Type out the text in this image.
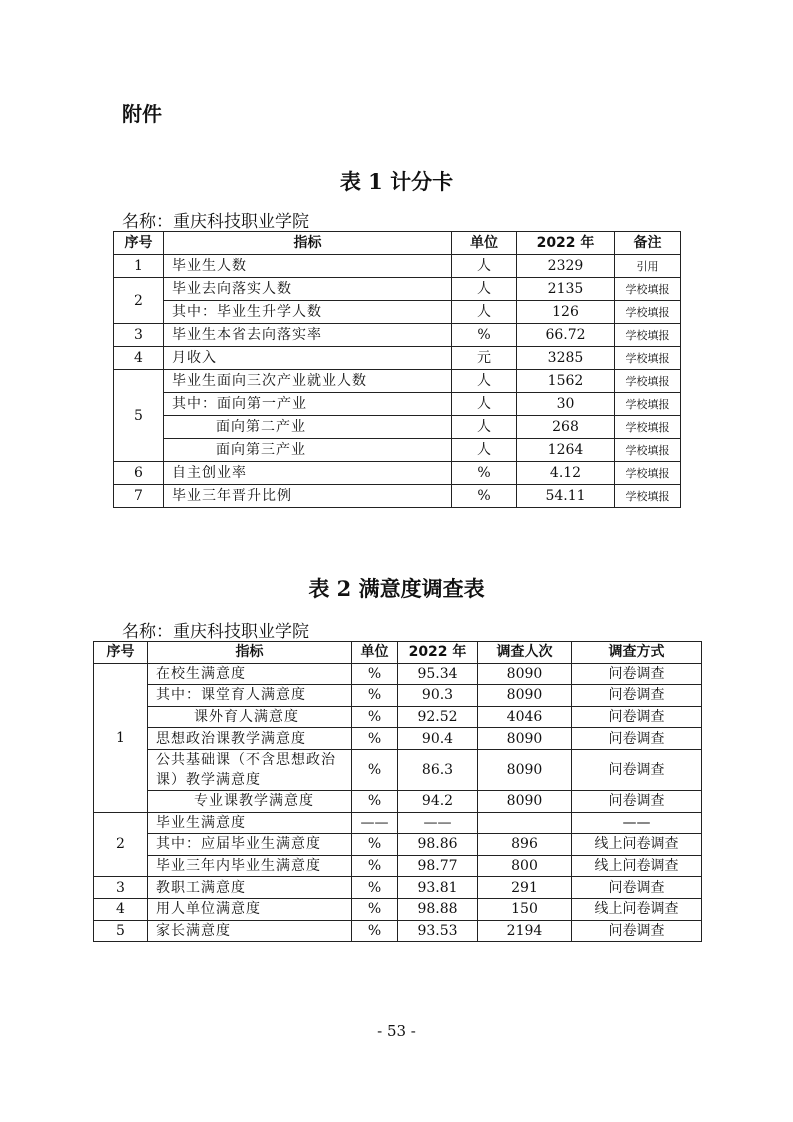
附件
表 1 计分卡
名称：重庆科技职业学院
序号	指标	单位	2022 年	备注
1	毕业生人数	人	2329	引用
2	毕业去向落实人数	人	2135	学校填报
	其中：毕业生升学人数	人	126	学校填报
3	毕业生本省去向落实率	%	66.72	学校填报
4	月收入	元	3285	学校填报
5	毕业生面向三次产业就业人数	人	1562	学校填报
	其中：面向第一产业	人	30	学校填报
	面向第二产业	人	268	学校填报
	面向第三产业	人	1264	学校填报
6	自主创业率	%	4.12	学校填报
7	毕业三年晋升比例	%	54.11	学校填报
表 2 满意度调查表
名称：重庆科技职业学院
序号	指标	单位	2022 年	调查人次	调查方式
1	在校生满意度	%	95.34	8090	问卷调查
	其中：课堂育人满意度	%	90.3	8090	问卷调查
	课外育人满意度	%	92.52	4046	问卷调查
	思想政治课教学满意度	%	90.4	8090	问卷调查
	公共基础课（不含思想政治课）教学满意度	%	86.3	8090	问卷调查
	专业课教学满意度	%	94.2	8090	问卷调查
2	毕业生满意度	——	——		——
	其中：应届毕业生满意度	%	98.86	896	线上问卷调查
	毕业三年内毕业生满意度	%	98.77	800	线上问卷调查
3	教职工满意度	%	93.81	291	问卷调查
4	用人单位满意度	%	98.88	150	线上问卷调查
5	家长满意度	%	93.53	2194	问卷调查
- 53 -
